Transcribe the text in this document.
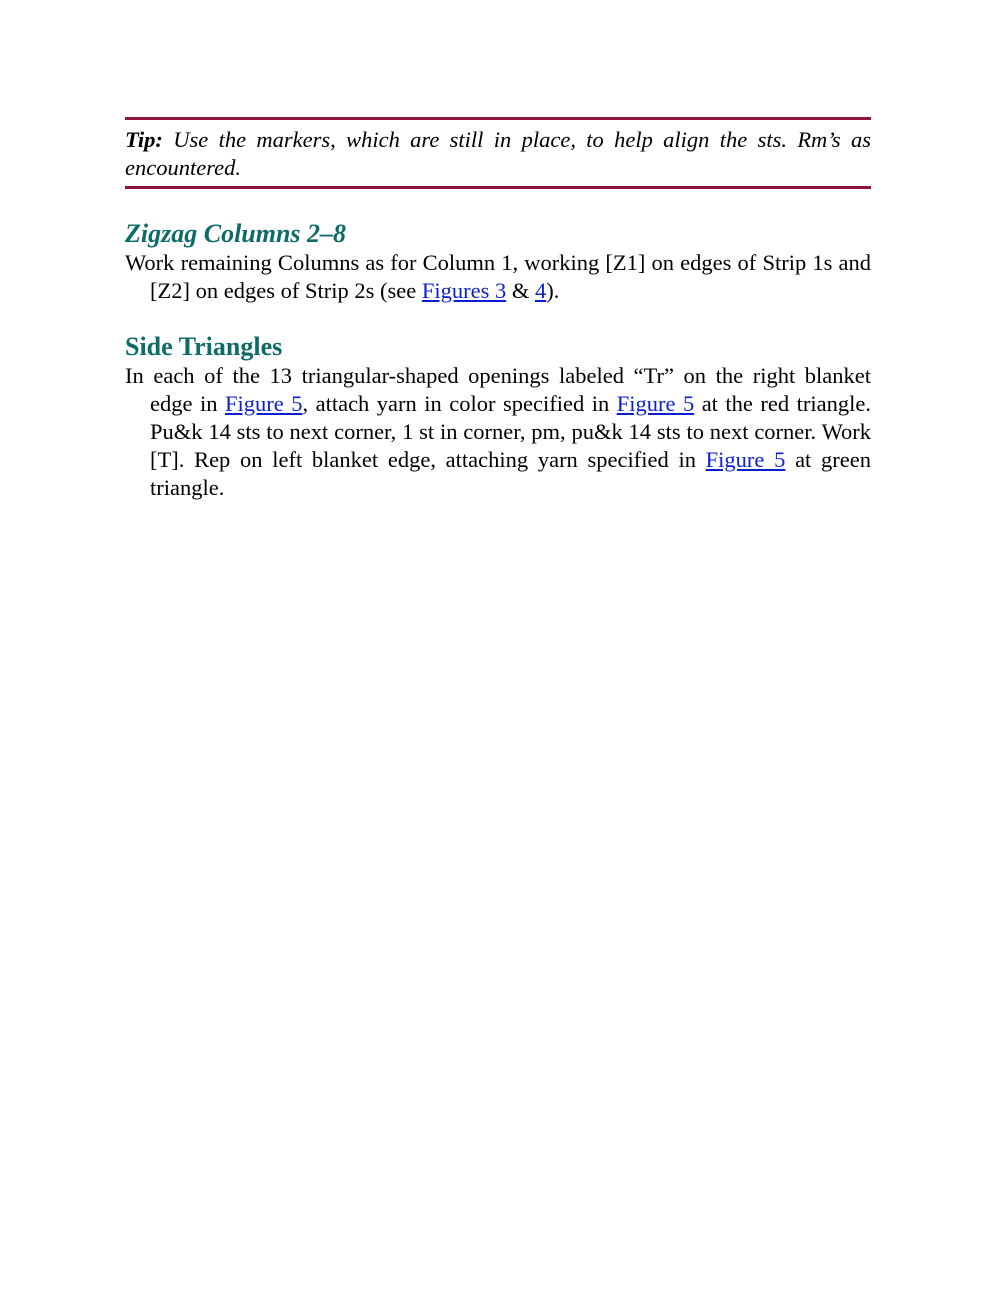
Tip: Use the markers, which are still in place, to help align the sts. Rm’s as encountered.
Zigzag Columns 2–8

Work remaining Columns as for Column 1, working [Z1] on edges of Strip 1s and [Z2] on edges of Strip 2s (see Figures 3 & 4).

Side Triangles

In each of the 13 triangular-shaped openings labeled “Tr” on the right blanket edge in Figure 5, attach yarn in color specified in Figure 5 at the red triangle. Pu&k 14 sts to next corner, 1 st in corner, pm, pu&k 14 sts to next corner. Work [T]. Rep on left blanket edge, attaching yarn specified in Figure 5 at green triangle.
